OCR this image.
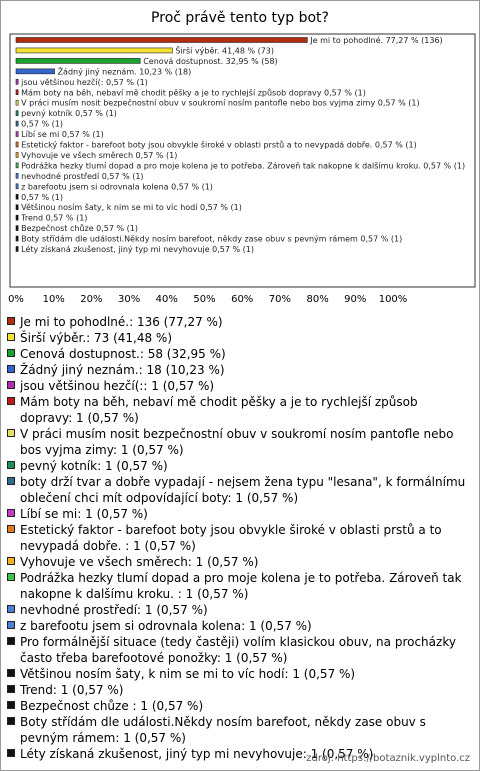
Proč právě tento typ bot?
Je mi to pohodlné. 77,27 % (136)
Širší výběr. 41,48 % (73)
Cenová dostupnost. 32,95 % (58)
Žádný jiný neznám. 10,23 % (18)
jsou většinou hezčí(: 0,57 % (1)
Mám boty na běh, nebaví mě chodit pěšky a je to rychlejší způsob dopravy 0,57 % (1)
V práci musím nosit bezpečnostní obuv v soukromí nosím pantofle nebo bos vyjma zimy 0,57 % (1)
pevný kotník 0,57 % (1)
0,57 % (1)
Líbí se mi 0,57 % (1)
Estetický faktor - barefoot boty jsou obvykle široké v oblasti prstů a to nevypadá dobře. 0,57 % (1)
Vyhovuje ve všech směrech 0,57 % (1)
Podrážka hezky tlumí dopad a pro moje kolena je to potřeba. Zároveň tak nakopne k dalšímu kroku. 0,57 % (1)
nevhodné prostředí 0,57 % (1)
z barefootu jsem si odrovnala kolena 0,57 % (1)
0,57 % (1)
Většinou nosím šaty, k nim se mi to víc hodí 0,57 % (1)
Trend 0,57 % (1)
Bezpečnost chůze 0,57 % (1)
Boty střídám dle události.Někdy nosím barefoot, někdy zase obuv s pevným rámem 0,57 % (1)
Léty získaná zkušenost, jiný typ mi nevyhovuje 0,57 % (1)
0% 10% 20% 30% 40% 50% 60% 70% 80% 90% 100%
Je mi to pohodlné.: 136 (77,27 %)
Širší výběr.: 73 (41,48 %)
Cenová dostupnost.: 58 (32,95 %)
Žádný jiný neznám.: 18 (10,23 %)
jsou většinou hezčí(:: 1 (0,57 %)
Mám boty na běh, nebaví mě chodit pěšky a je to rychlejší způsob dopravy: 1 (0,57 %)
V práci musím nosit bezpečnostní obuv v soukromí nosím pantofle nebo bos vyjma zimy: 1 (0,57 %)
pevný kotník: 1 (0,57 %)
boty drží tvar a dobře vypadají - nejsem žena typu "lesana", k formálnímu oblečení chci mít odpovídající boty: 1 (0,57 %)
Líbí se mi: 1 (0,57 %)
Estetický faktor - barefoot boty jsou obvykle široké v oblasti prstů a to nevypadá dobře. : 1 (0,57 %)
Vyhovuje ve všech směrech: 1 (0,57 %)
Podrážka hezky tlumí dopad a pro moje kolena je to potřeba. Zároveň tak nakopne k dalšímu kroku. : 1 (0,57 %)
nevhodné prostředí: 1 (0,57 %)
z barefootu jsem si odrovnala kolena: 1 (0,57 %)
Pro formálnější situace (tedy častěji) volím klasickou obuv, na procházky často třeba barefootové ponožky: 1 (0,57 %)
Většinou nosím šaty, k nim se mi to víc hodí: 1 (0,57 %)
Trend: 1 (0,57 %)
Bezpečnost chůze : 1 (0,57 %)
Boty střídám dle události.Někdy nosím barefoot, někdy zase obuv s pevným rámem: 1 (0,57 %)
Léty získaná zkušenost, jiný typ mi nevyhovuje: 1 (0,57 %)
zdroj: https://botaznik.vyplnto.cz
